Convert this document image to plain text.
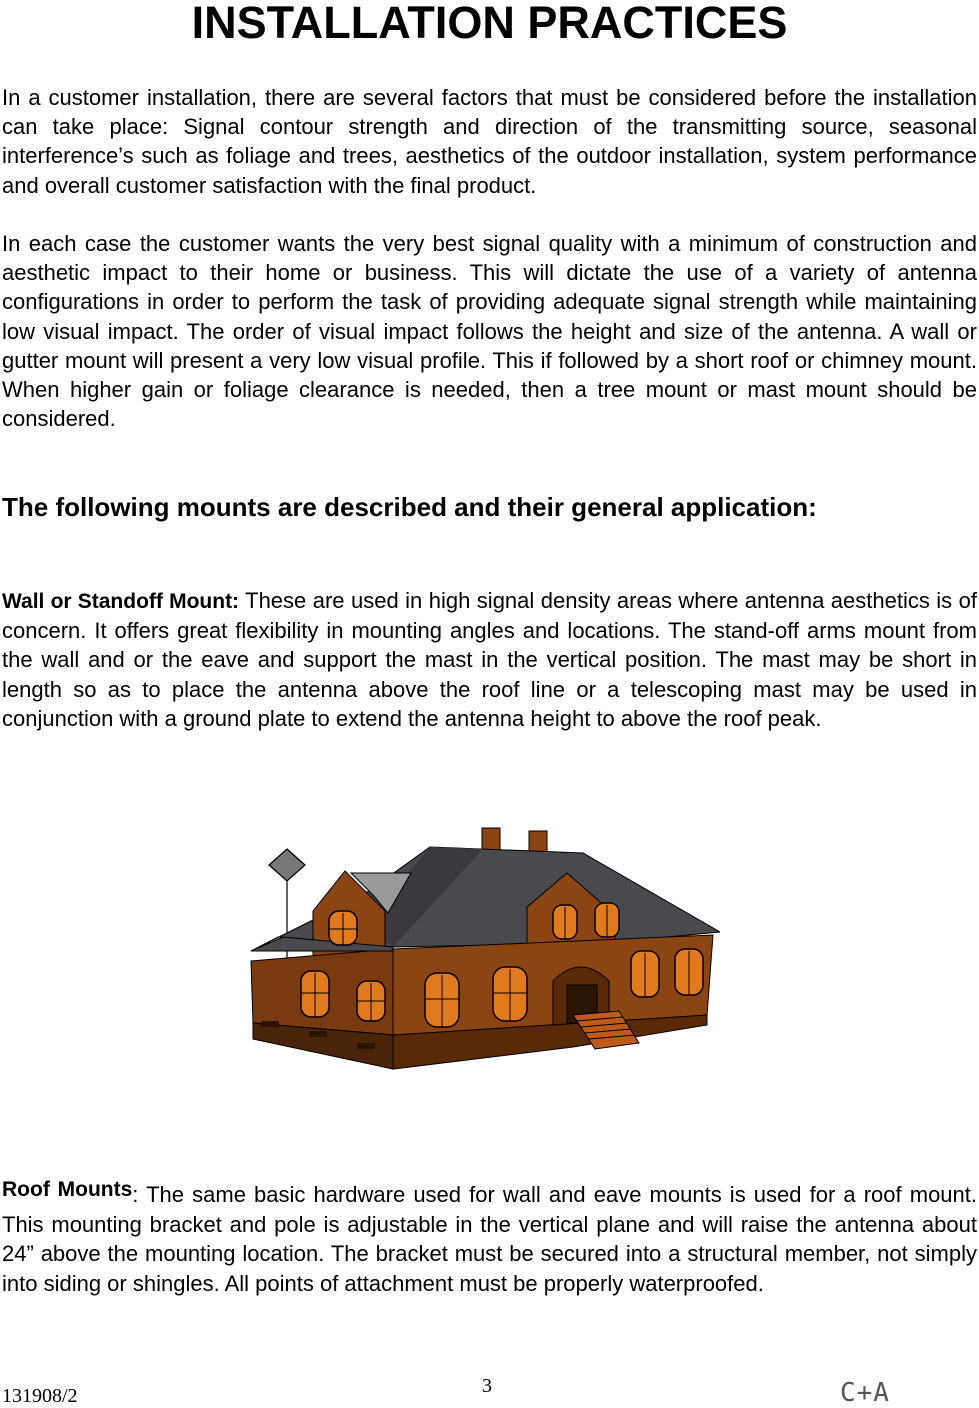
INSTALLATION PRACTICES

In a customer installation, there are several factors that must be considered before the installation can take place: Signal contour strength and direction of the transmitting source, seasonal interference’s such as foliage and trees, aesthetics of the outdoor installation, system performance and overall customer satisfaction with the final product.

In each case the customer wants the very best signal quality with a minimum of construction and aesthetic impact to their home or business. This will dictate the use of a variety of antenna configurations in order to perform the task of providing adequate signal strength while maintaining low visual impact. The order of visual impact follows the height and size of the antenna. A wall or gutter mount will present a very low visual profile. This if followed by a short roof or chimney mount. When higher gain or foliage clearance is needed, then a tree mount or mast mount should be considered.

The following mounts are described and their general application:

Wall or Standoff Mount: These are used in high signal density areas where antenna aesthetics is of concern. It offers great flexibility in mounting angles and locations. The stand-off arms mount from the wall and or the eave and support the mast in the vertical position. The mast may be short in length so as to place the antenna above the roof line or a telescoping mast may be used in conjunction with a ground plate to extend the antenna height to above the roof peak.

Roof Mounts: The same basic hardware used for wall and eave mounts is used for a roof mount. This mounting bracket and pole is adjustable in the vertical plane and will raise the antenna about 24” above the mounting location. The bracket must be secured into a structural member, not simply into siding or shingles. All points of attachment must be properly waterproofed.

131908/2	3	C+A
